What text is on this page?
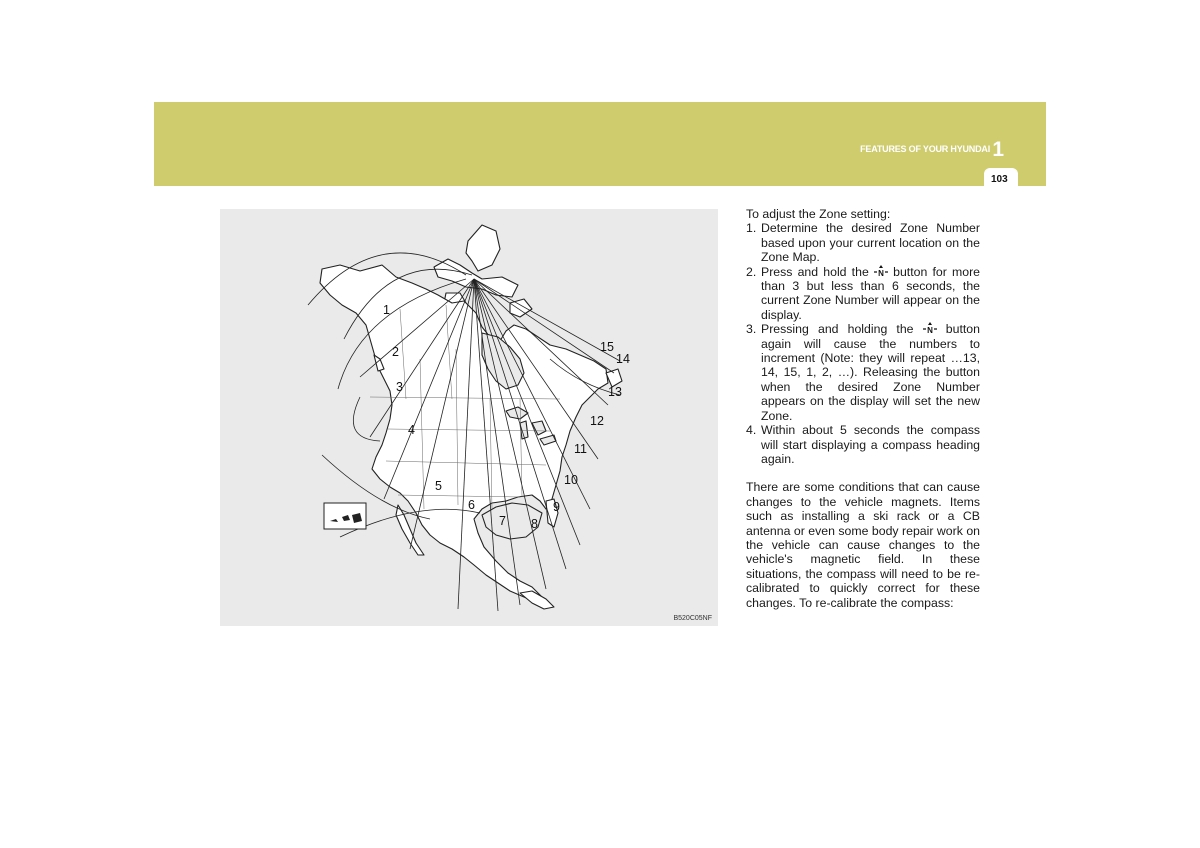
FEATURES OF YOUR HYUNDAI 1
103
1
2
3
4
5
6
7 8
9
10
11
12
13
14
15
B520C05NF

To adjust the Zone setting:

1. Determine the desired Zone Number based upon your current location on the Zone Map.
2. Press and hold the N button for more than 3 but less than 6 seconds, the current Zone Number will appear on the display.
3. Pressing and holding the N button again will cause the numbers to increment (Note: they will repeat …13, 14, 15, 1, 2, …). Releasing the button when the desired Zone Number appears on the display will set the new Zone.
4. Within about 5 seconds the compass will start displaying a compass heading again.

There are some conditions that can cause changes to the vehicle magnets. Items such as installing a ski rack or a CB antenna or even some body repair work on the vehicle can cause changes to the vehicle's magnetic field. In these situations, the compass will need to be re-calibrated to quickly correct for these changes. To re-calibrate the compass:
